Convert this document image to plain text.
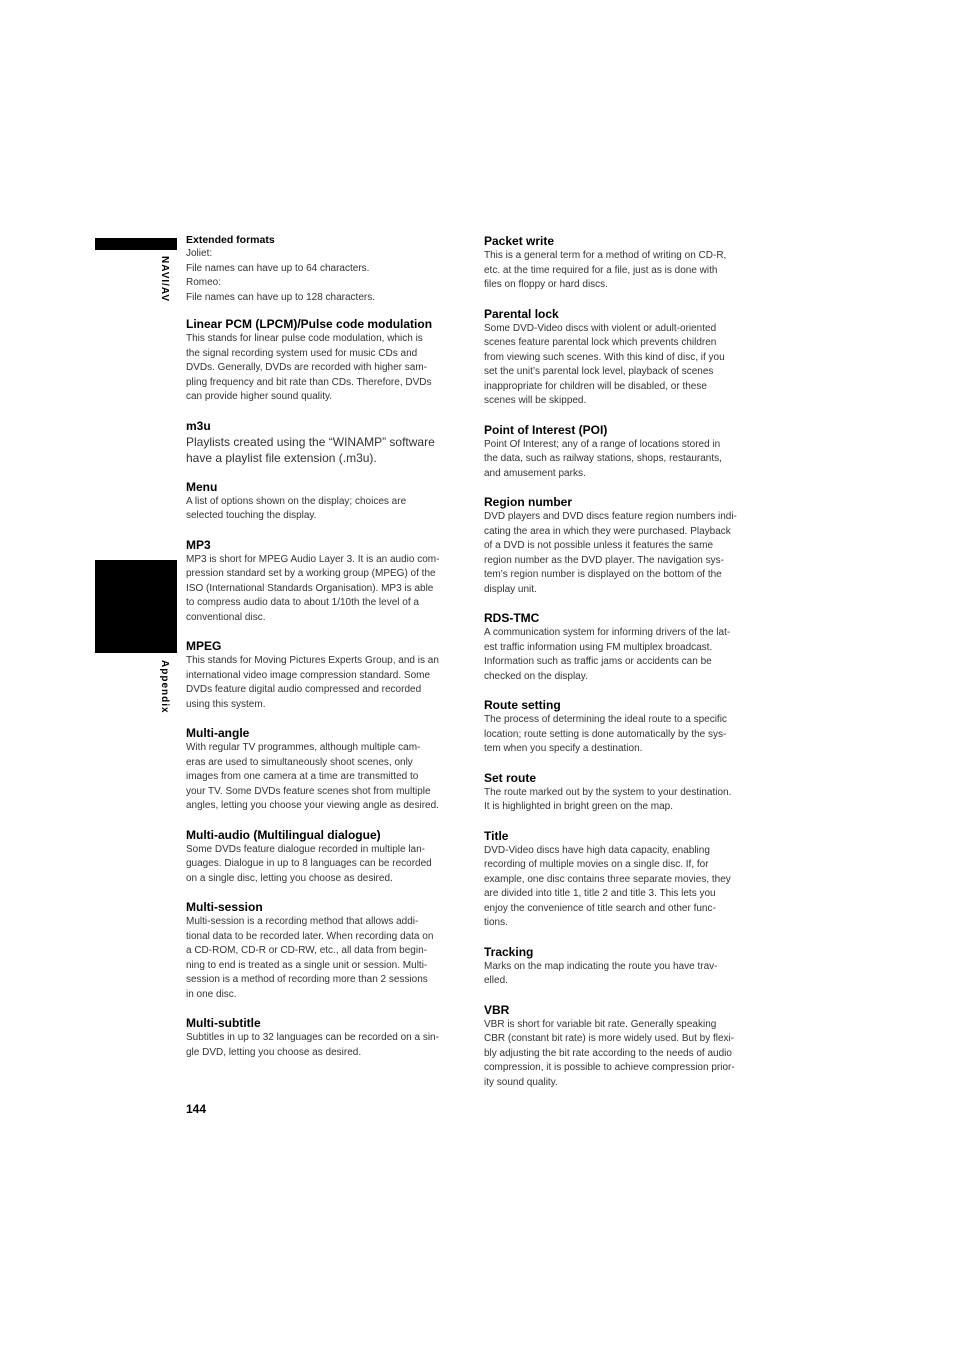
NAVI/AV
Appendix
Extended formats
Joliet:
File names can have up to 64 characters.
Romeo:
File names can have up to 128 characters.
Linear PCM (LPCM)/Pulse code modulation
This stands for linear pulse code modulation, which is
the signal recording system used for music CDs and
DVDs. Generally, DVDs are recorded with higher sam-
pling frequency and bit rate than CDs. Therefore, DVDs
can provide higher sound quality.
m3u
Playlists created using the “WINAMP” software
have a playlist file extension (.m3u).
Menu
A list of options shown on the display; choices are
selected touching the display.
MP3
MP3 is short for MPEG Audio Layer 3. It is an audio com-
pression standard set by a working group (MPEG) of the
ISO (International Standards Organisation). MP3 is able
to compress audio data to about 1/10th the level of a
conventional disc.
MPEG
This stands for Moving Pictures Experts Group, and is an
international video image compression standard. Some
DVDs feature digital audio compressed and recorded
using this system.
Multi-angle
With regular TV programmes, although multiple cam-
eras are used to simultaneously shoot scenes, only
images from one camera at a time are transmitted to
your TV. Some DVDs feature scenes shot from multiple
angles, letting you choose your viewing angle as desired.
Multi-audio (Multilingual dialogue)
Some DVDs feature dialogue recorded in multiple lan-
guages. Dialogue in up to 8 languages can be recorded
on a single disc, letting you choose as desired.
Multi-session
Multi-session is a recording method that allows addi-
tional data to be recorded later. When recording data on
a CD-ROM, CD-R or CD-RW, etc., all data from begin-
ning to end is treated as a single unit or session. Multi-
session is a method of recording more than 2 sessions
in one disc.
Multi-subtitle
Subtitles in up to 32 languages can be recorded on a sin-
gle DVD, letting you choose as desired.
Packet write
This is a general term for a method of writing on CD-R,
etc. at the time required for a file, just as is done with
files on floppy or hard discs.
Parental lock
Some DVD-Video discs with violent or adult-oriented
scenes feature parental lock which prevents children
from viewing such scenes. With this kind of disc, if you
set the unit’s parental lock level, playback of scenes
inappropriate for children will be disabled, or these
scenes will be skipped.
Point of Interest (POI)
Point Of Interest; any of a range of locations stored in
the data, such as railway stations, shops, restaurants,
and amusement parks.
Region number
DVD players and DVD discs feature region numbers indi-
cating the area in which they were purchased. Playback
of a DVD is not possible unless it features the same
region number as the DVD player. The navigation sys-
tem’s region number is displayed on the bottom of the
display unit.
RDS-TMC
A communication system for informing drivers of the lat-
est traffic information using FM multiplex broadcast.
Information such as traffic jams or accidents can be
checked on the display.
Route setting
The process of determining the ideal route to a specific
location; route setting is done automatically by the sys-
tem when you specify a destination.
Set route
The route marked out by the system to your destination.
It is highlighted in bright green on the map.
Title
DVD-Video discs have high data capacity, enabling
recording of multiple movies on a single disc. If, for
example, one disc contains three separate movies, they
are divided into title 1, title 2 and title 3. This lets you
enjoy the convenience of title search and other func-
tions.
Tracking
Marks on the map indicating the route you have trav-
elled.
VBR
VBR is short for variable bit rate. Generally speaking
CBR (constant bit rate) is more widely used. But by flexi-
bly adjusting the bit rate according to the needs of audio
compression, it is possible to achieve compression prior-
ity sound quality.
144
